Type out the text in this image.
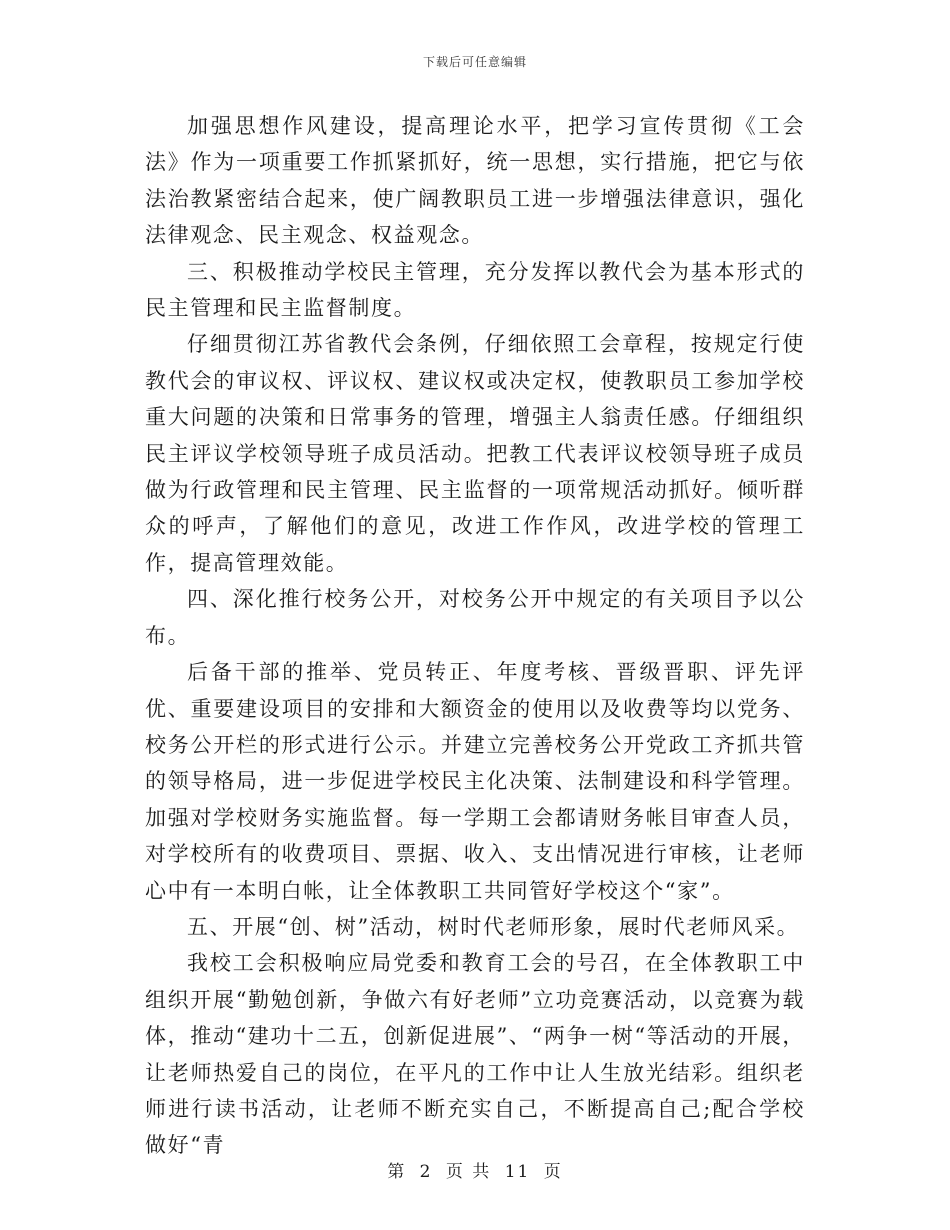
下载后可任意编辑

加强思想作风建设，提高理论水平，把学习宣传贯彻《工会法》作为一项重要工作抓紧抓好，统一思想，实行措施，把它与依法治教紧密结合起来，使广阔教职员工进一步增强法律意识，强化法律观念、民主观念、权益观念。

三、积极推动学校民主管理，充分发挥以教代会为基本形式的民主管理和民主监督制度。

仔细贯彻江苏省教代会条例，仔细依照工会章程，按规定行使教代会的审议权、评议权、建议权或决定权，使教职员工参加学校重大问题的决策和日常事务的管理，增强主人翁责任感。仔细组织民主评议学校领导班子成员活动。把教工代表评议校领导班子成员做为行政管理和民主管理、民主监督的一项常规活动抓好。倾听群众的呼声，了解他们的意见，改进工作作风，改进学校的管理工作，提高管理效能。

四、深化推行校务公开，对校务公开中规定的有关项目予以公布。

后备干部的推举、党员转正、年度考核、晋级晋职、评先评优、重要建设项目的安排和大额资金的使用以及收费等均以党务、校务公开栏的形式进行公示。并建立完善校务公开党政工齐抓共管的领导格局，进一步促进学校民主化决策、法制建设和科学管理。加强对学校财务实施监督。每一学期工会都请财务帐目审查人员，对学校所有的收费项目、票据、收入、支出情况进行审核，让老师心中有一本明白帐，让全体教职工共同管好学校这个“家”。

五、开展“创、树”活动，树时代老师形象，展时代老师风采。

我校工会积极响应局党委和教育工会的号召，在全体教职工中组织开展“勤勉创新，争做六有好老师”立功竞赛活动，以竞赛为载体，推动“建功十二五，创新促进展”、“两争一树“等活动的开展，让老师热爱自己的岗位，在平凡的工作中让人生放光结彩。组织老师进行读书活动，让老师不断充实自己，不断提高自己;配合学校做好“青

第 2 页 共 11 页
